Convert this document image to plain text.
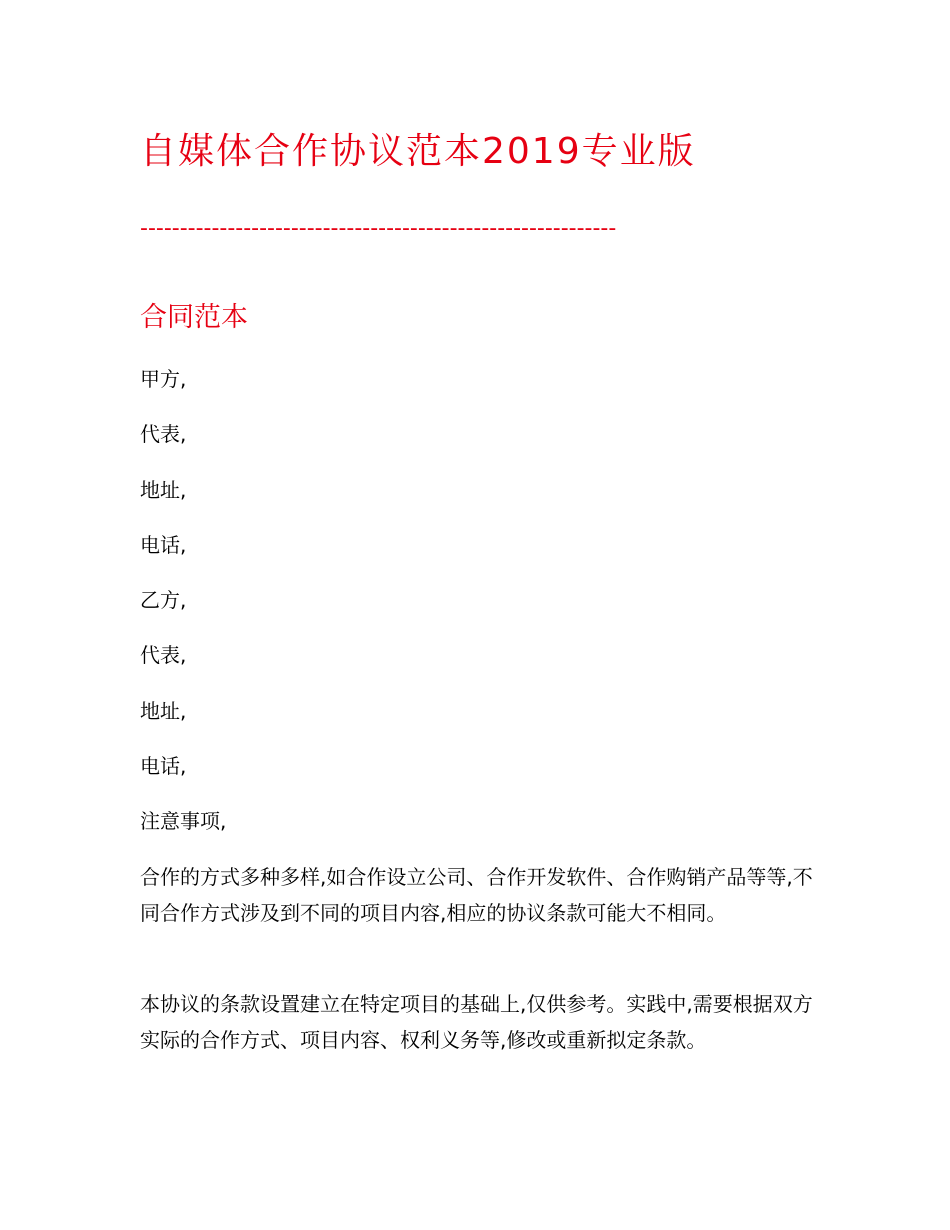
自媒体合作协议范本2019专业版

------------------------------------------------------------

合同范本
甲方,
代表,
地址,
电话,
乙方,
代表,
地址,
电话,
注意事项,

合作的方式多种多样,如合作设立公司、合作开发软件、合作购销产品等等,不同合作方式涉及到不同的项目内容,相应的协议条款可能大不相同。

本协议的条款设置建立在特定项目的基础上,仅供参考。实践中,需要根据双方实际的合作方式、项目内容、权利义务等,修改或重新拟定条款。
